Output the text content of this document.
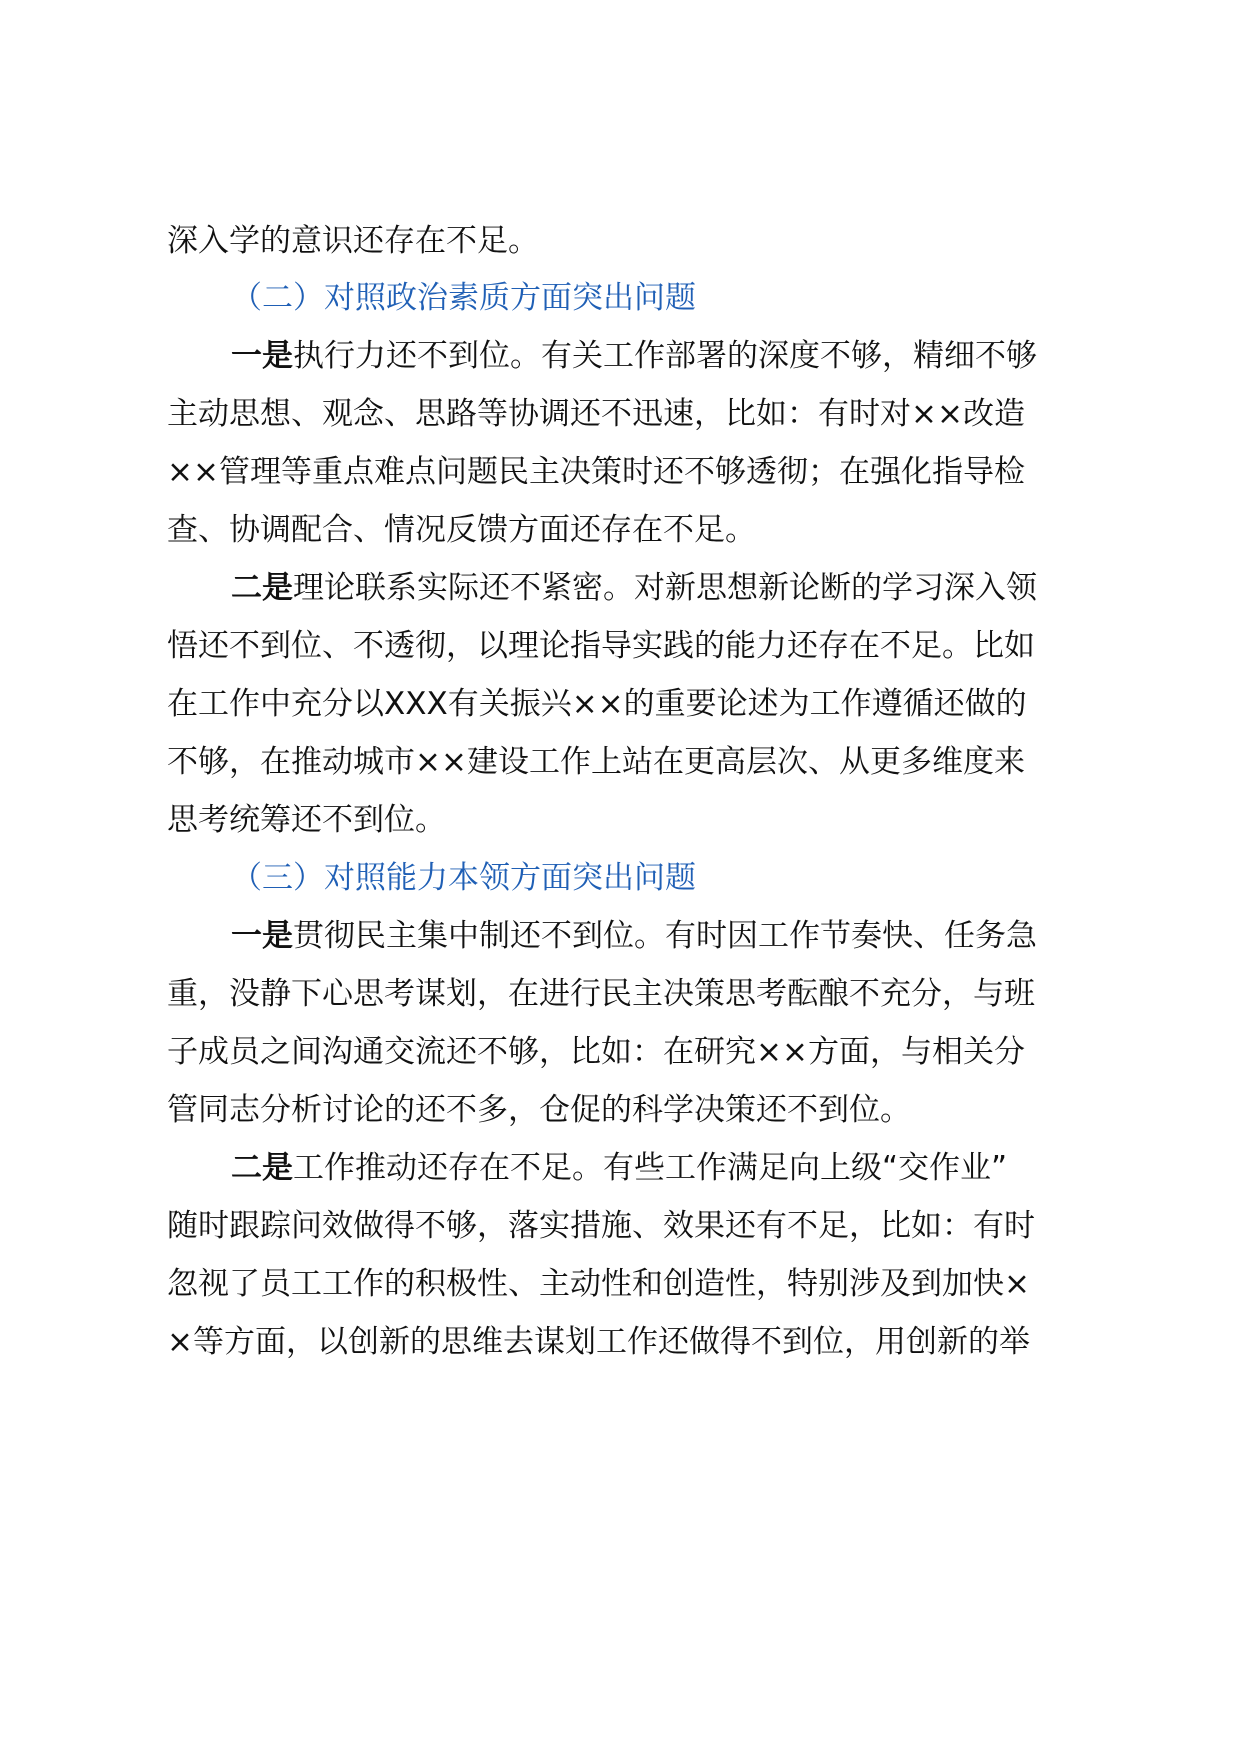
深入学的意识还存在不足。
（二）对照政治素质方面突出问题
一是执行力还不到位。有关工作部署的深度不够，精细不够
主动思想、观念、思路等协调还不迅速，比如：有时对××改造
××管理等重点难点问题民主决策时还不够透彻；在强化指导检
查、协调配合、情况反馈方面还存在不足。
二是理论联系实际还不紧密。对新思想新论断的学习深入领
悟还不到位、不透彻，以理论指导实践的能力还存在不足。比如
在工作中充分以XXX有关振兴××的重要论述为工作遵循还做的
不够，在推动城市××建设工作上站在更高层次、从更多维度来
思考统筹还不到位。
（三）对照能力本领方面突出问题
一是贯彻民主集中制还不到位。有时因工作节奏快、任务急
重，没静下心思考谋划，在进行民主决策思考酝酿不充分，与班
子成员之间沟通交流还不够，比如：在研究××方面，与相关分
管同志分析讨论的还不多，仓促的科学决策还不到位。
二是工作推动还存在不足。有些工作满足向上级“交作业”
随时跟踪问效做得不够，落实措施、效果还有不足，比如：有时
忽视了员工工作的积极性、主动性和创造性，特别涉及到加快×
×等方面，以创新的思维去谋划工作还做得不到位，用创新的举
